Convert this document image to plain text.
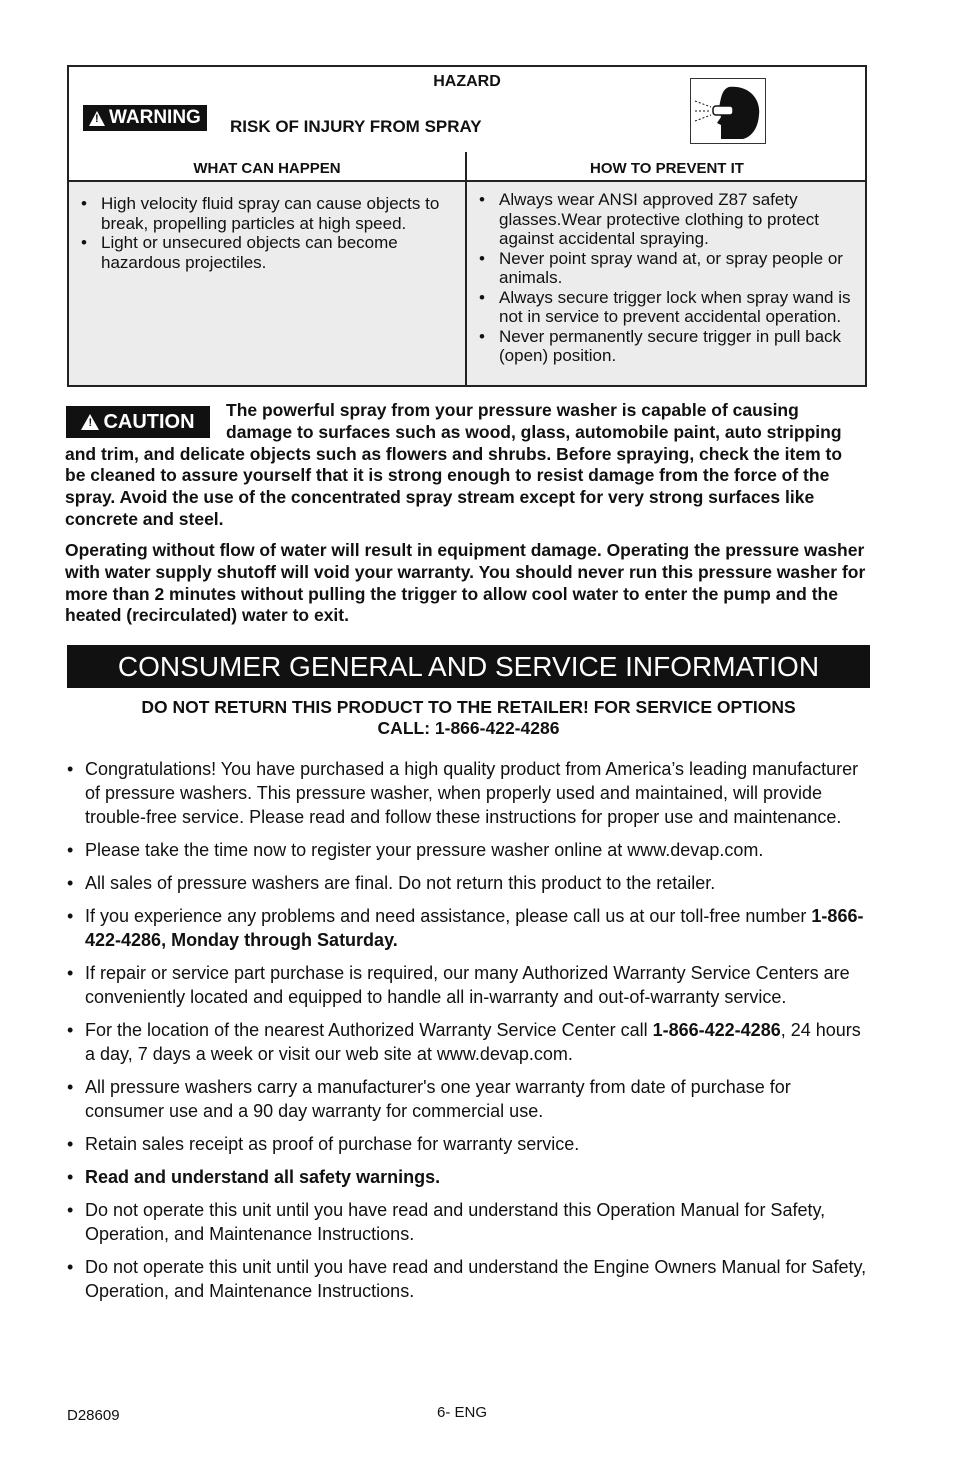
HAZARD
!
WARNING RISK OF INJURY FROM SPRAY
WHAT CAN HAPPEN	HOW TO PREVENT IT
• High velocity fluid spray can cause objects to break, propelling particles at high speed.
• Light or unsecured objects can become hazardous projectiles.
• Always wear ANSI approved Z87 safety glasses.Wear protective clothing to protect against accidental spraying.
• Never point spray wand at, or spray people or animals.
• Always secure trigger lock when spray wand is not in service to prevent accidental operation.
• Never permanently secure trigger in pull back (open) position.
!
CAUTION

The powerful spray from your pressure washer is capable of causing damage to surfaces such as wood, glass, automobile paint, auto stripping and trim, and delicate objects such as flowers and shrubs. Before spraying, check the item to be cleaned to assure yourself that it is strong enough to resist damage from the force of the spray. Avoid the use of the concentrated spray stream except for very strong surfaces like concrete and steel.

Operating without flow of water will result in equipment damage. Operating the pressure washer with water supply shutoff will void your warranty. You should never run this pressure washer for more than 2 minutes without pulling the trigger to allow cool water to enter the pump and the heated (recirculated) water to exit.

CONSUMER GENERAL AND SERVICE INFORMATION
DO NOT RETURN THIS PRODUCT TO THE RETAILER! FOR SERVICE OPTIONS
CALL: 1-866-422-4286
• Congratulations! You have purchased a high quality product from America’s leading manufacturer of pressure washers. This pressure washer, when properly used and maintained, will provide trouble-free service. Please read and follow these instructions for proper use and maintenance.
• Please take the time now to register your pressure washer online at www.devap.com.
• All sales of pressure washers are final. Do not return this product to the retailer.
• If you experience any problems and need assistance, please call us at our toll-free number 1-866-422-4286, Monday through Saturday.
• If repair or service part purchase is required, our many Authorized Warranty Service Centers are conveniently located and equipped to handle all in-warranty and out-of-warranty service.
• For the location of the nearest Authorized Warranty Service Center call 1-866-422-4286, 24 hours a day, 7 days a week or visit our web site at www.devap.com.
• All pressure washers carry a manufacturer's one year warranty from date of purchase for consumer use and a 90 day warranty for commercial use.
• Retain sales receipt as proof of purchase for warranty service.
• Read and understand all safety warnings.
• Do not operate this unit until you have read and understand this Operation Manual for Safety, Operation, and Maintenance Instructions.
• Do not operate this unit until you have read and understand the Engine Owners Manual for Safety, Operation, and Maintenance Instructions.
D28609	6- ENG
